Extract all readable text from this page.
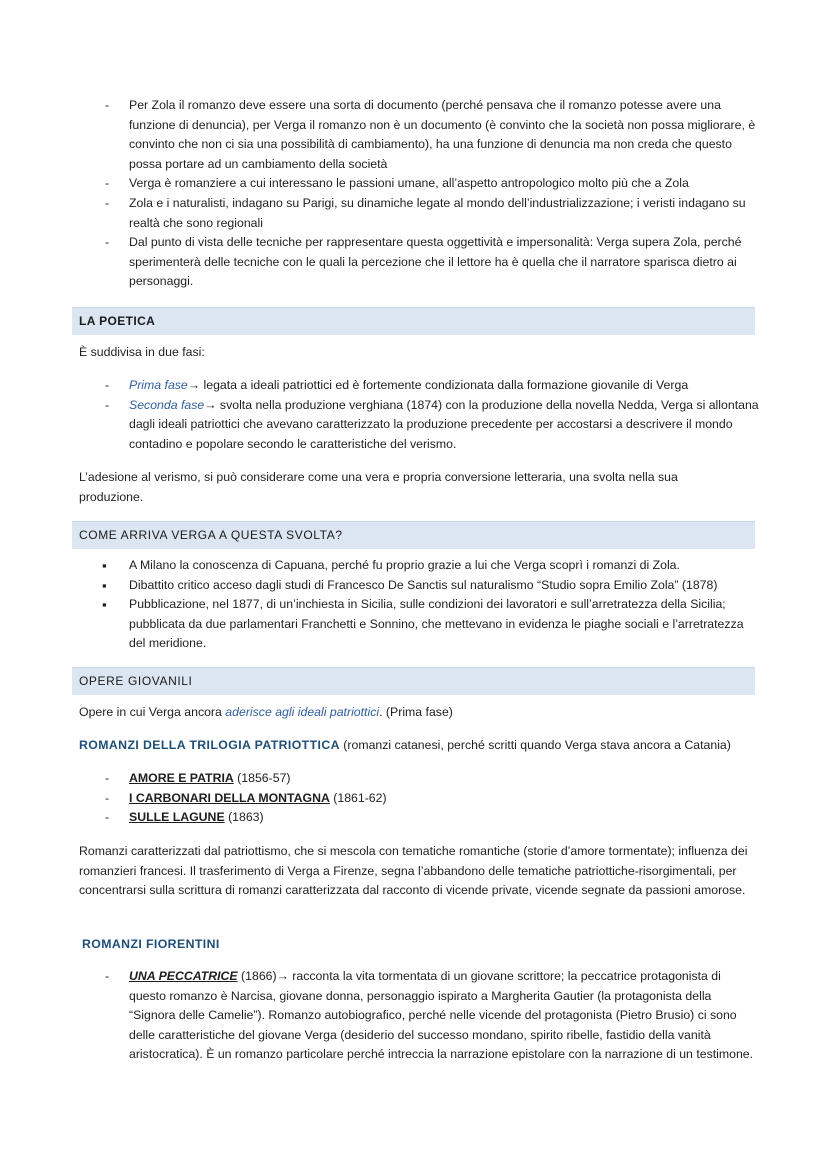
- Per Zola il romanzo deve essere una sorta di documento (perché pensava che il romanzo potesse avere una funzione di denuncia), per Verga il romanzo non è un documento (è convinto che la società non possa migliorare, è convinto che non ci sia una possibilità di cambiamento), ha una funzione di denuncia ma non creda che questo possa portare ad un cambiamento della società
- Verga è romanziere a cui interessano le passioni umane, all’aspetto antropologico molto più che a Zola
- Zola e i naturalisti, indagano su Parigi, su dinamiche legate al mondo dell’industrializzazione; i veristi indagano su realtà che sono regionali
- Dal punto di vista delle tecniche per rappresentare questa oggettività e impersonalità: Verga supera Zola, perché sperimenterà delle tecniche con le quali la percezione che il lettore ha è quella che il narratore sparisca dietro ai personaggi.
LA POETICA
È suddivisa in due fasi:
- Prima fase→ legata a ideali patriottici ed è fortemente condizionata dalla formazione giovanile di Verga
- Seconda fase→ svolta nella produzione verghiana (1874) con la produzione della novella Nedda, Verga si allontana dagli ideali patriottici che avevano caratterizzato la produzione precedente per accostarsi a descrivere il mondo contadino e popolare secondo le caratteristiche del verismo.
L’adesione al verismo, si può considerare come una vera e propria conversione letteraria, una svolta nella sua produzione.
COME ARRIVA VERGA A QUESTA SVOLTA?
▪ A Milano la conoscenza di Capuana, perché fu proprio grazie a lui che Verga scoprì i romanzi di Zola.
▪ Dibattito critico acceso dagli studi di Francesco De Sanctis sul naturalismo “Studio sopra Emilio Zola” (1878)
▪ Pubblicazione, nel 1877, di un’inchiesta in Sicilia, sulle condizioni dei lavoratori e sull’arretratezza della Sicilia; pubblicata da due parlamentari Franchetti e Sonnino, che mettevano in evidenza le piaghe sociali e l’arretratezza del meridione.
OPERE GIOVANILI
Opere in cui Verga ancora aderisce agli ideali patriottici. (Prima fase)
ROMANZI DELLA TRILOGIA PATRIOTTICA (romanzi catanesi, perché scritti quando Verga stava ancora a Catania)
- AMORE E PATRIA (1856-57)
- I CARBONARI DELLA MONTAGNA (1861-62)
- SULLE LAGUNE (1863)
Romanzi caratterizzati dal patriottismo, che si mescola con tematiche romantiche (storie d’amore tormentate); influenza dei romanzieri francesi. Il trasferimento di Verga a Firenze, segna l’abbandono delle tematiche patriottiche-risorgimentali, per concentrarsi sulla scrittura di romanzi caratterizzata dal racconto di vicende private, vicende segnate da passioni amorose.
ROMANZI FIORENTINI
- UNA PECCATRICE (1866)→ racconta la vita tormentata di un giovane scrittore; la peccatrice protagonista di questo romanzo è Narcisa, giovane donna, personaggio ispirato a Margherita Gautier (la protagonista della “Signora delle Camelie”). Romanzo autobiografico, perché nelle vicende del protagonista (Pietro Brusio) ci sono delle caratteristiche del giovane Verga (desiderio del successo mondano, spirito ribelle, fastidio della vanità aristocratica). È un romanzo particolare perché intreccia la narrazione epistolare con la narrazione di un testimone.
